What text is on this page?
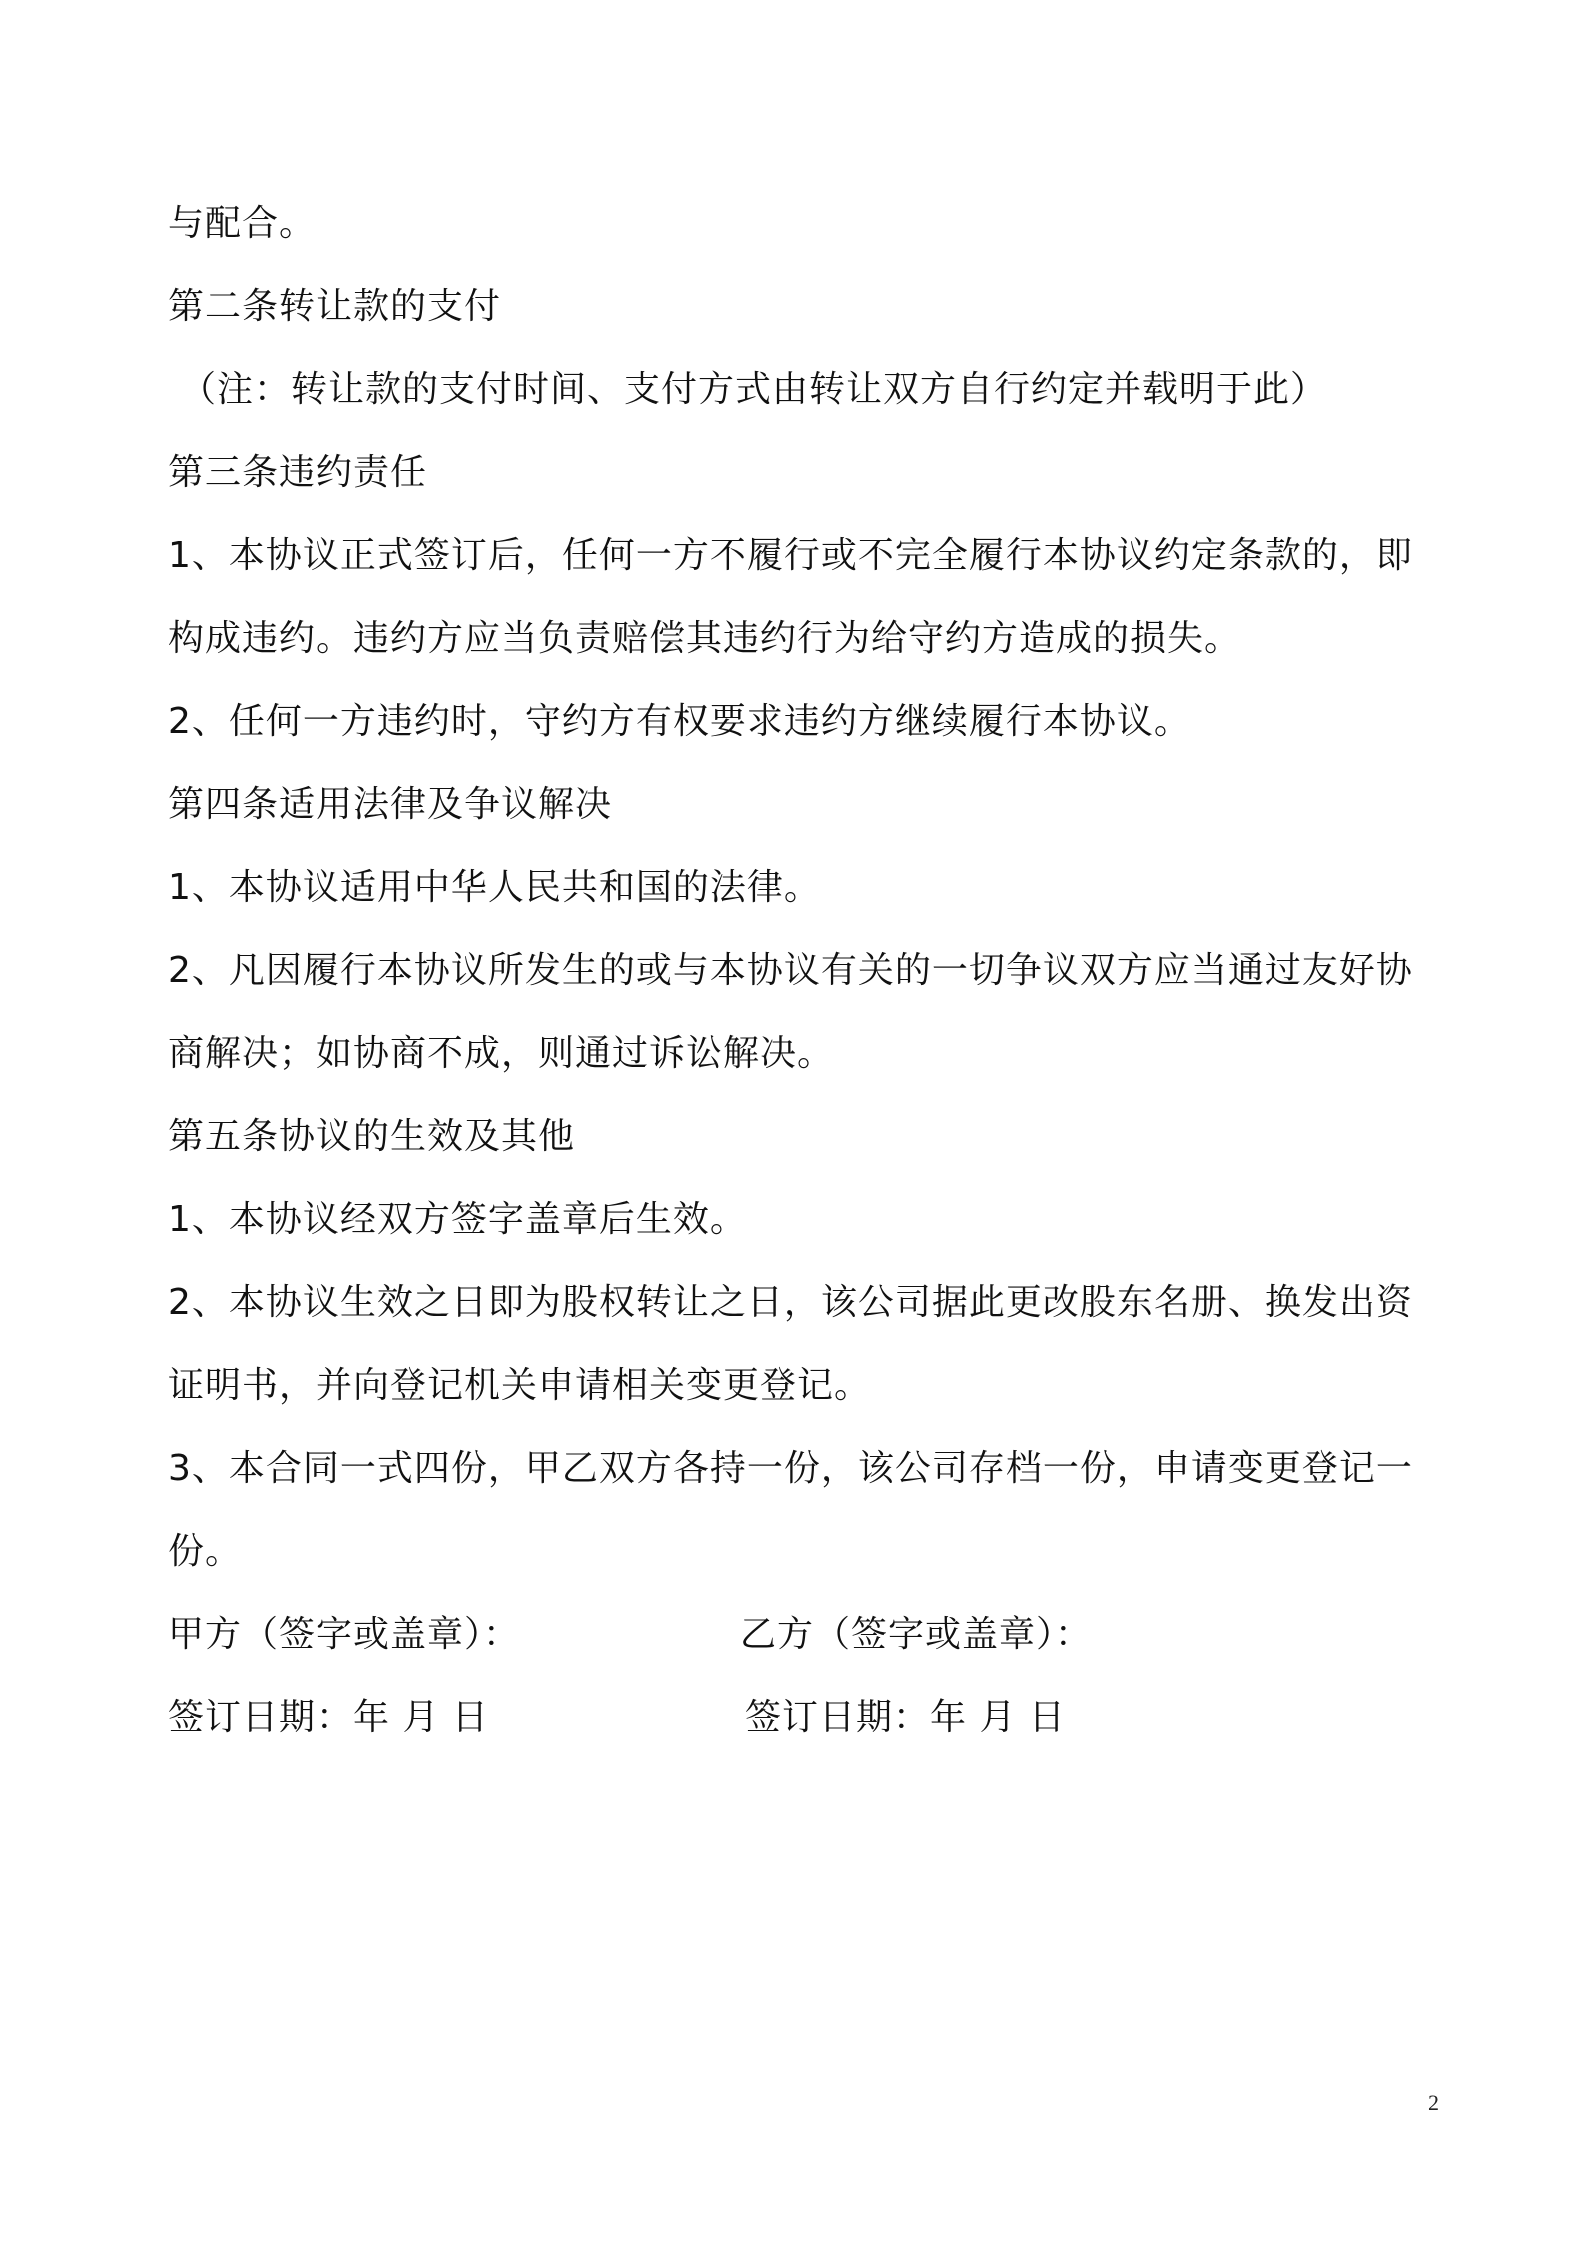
与配合。
第二条转让款的支付
（注：转让款的支付时间、支付方式由转让双方自行约定并载明于此）
第三条违约责任
1、本协议正式签订后，任何一方不履行或不完全履行本协议约定条款的，即
构成违约。违约方应当负责赔偿其违约行为给守约方造成的损失。
2、任何一方违约时，守约方有权要求违约方继续履行本协议。
第四条适用法律及争议解决
1、本协议适用中华人民共和国的法律。
2、凡因履行本协议所发生的或与本协议有关的一切争议双方应当通过友好协
商解决；如协商不成，则通过诉讼解决。
第五条协议的生效及其他
1、本协议经双方签字盖章后生效。
2、本协议生效之日即为股权转让之日，该公司据此更改股东名册、换发出资
证明书，并向登记机关申请相关变更登记。
3、本合同一式四份，甲乙双方各持一份，该公司存档一份，申请变更登记一
份。
甲方（签字或盖章）：	乙方（签字或盖章）：
签订日期：年 月 日	签订日期：年 月 日
2
